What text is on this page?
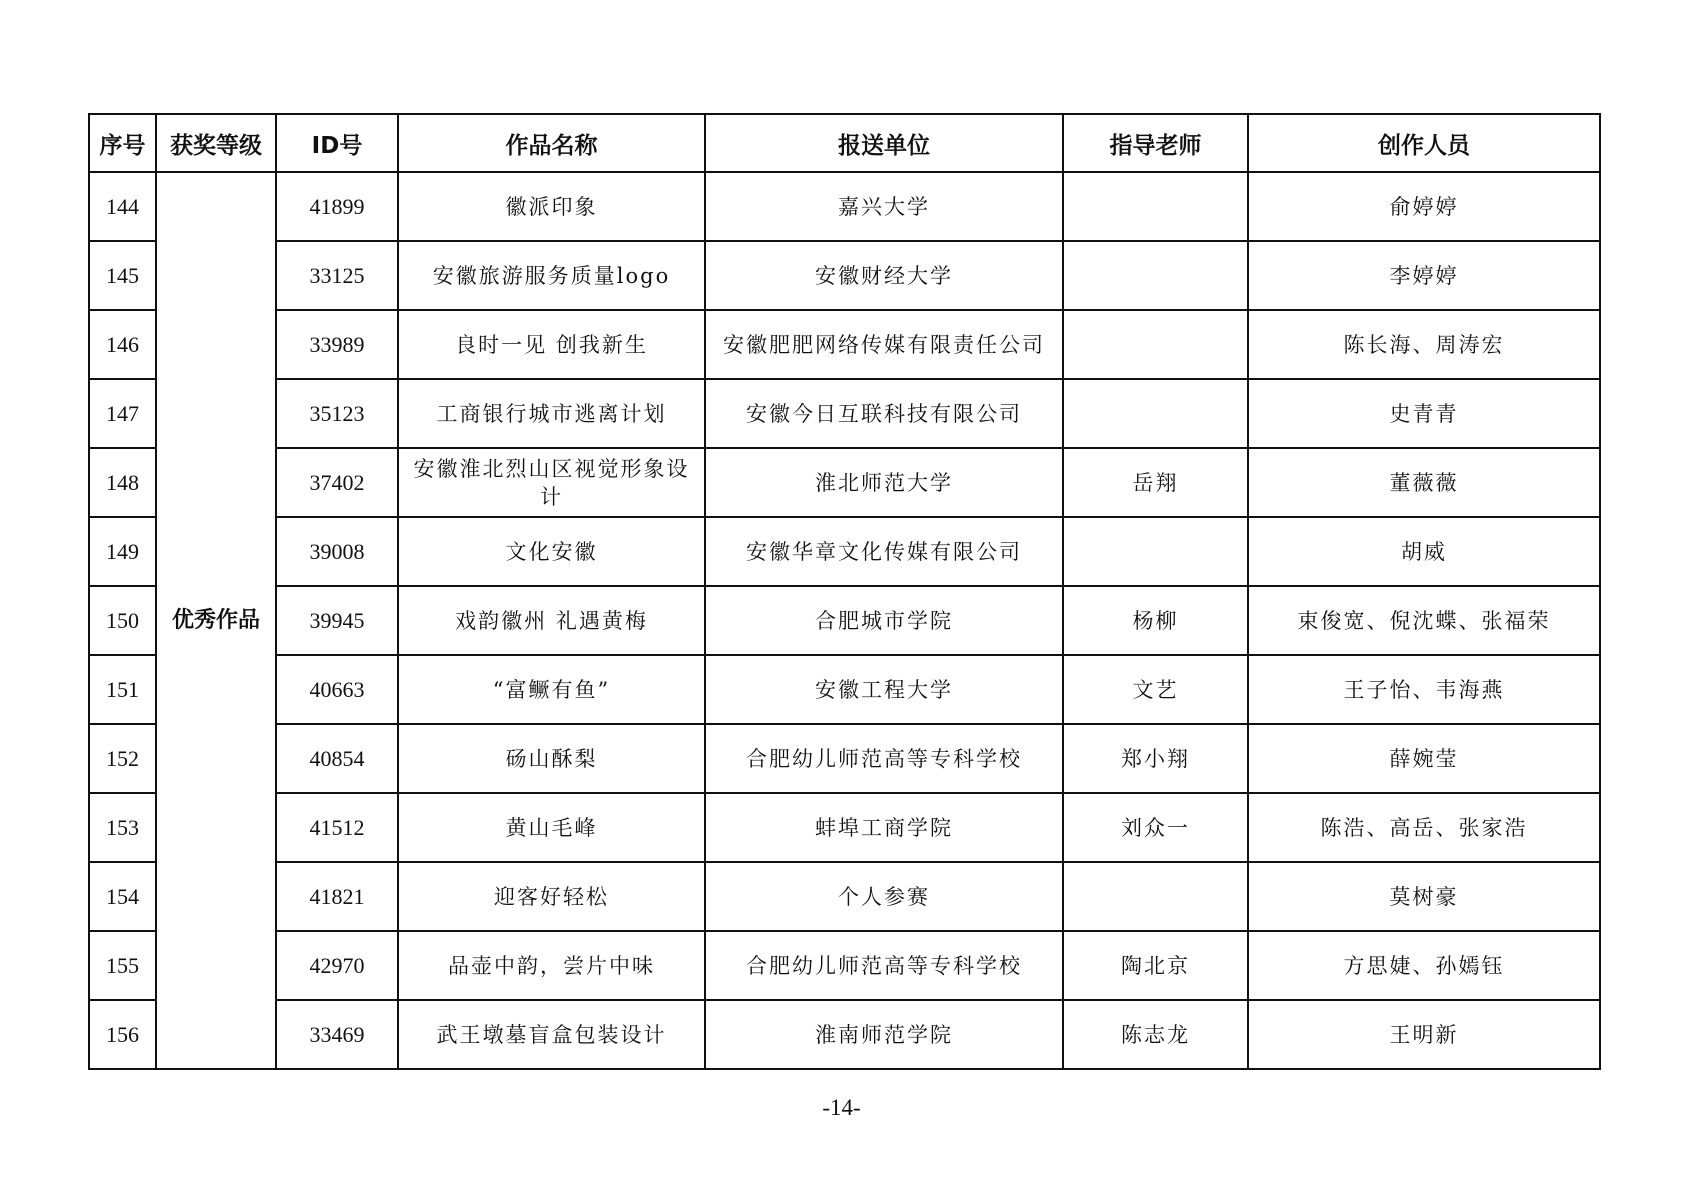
序号	获奖等级	ID号	作品名称	报送单位	指导老师	创作人员
144	优秀作品	41899	徽派印象	嘉兴大学		俞婷婷
145		33125	安徽旅游服务质量logo	安徽财经大学		李婷婷
146		33989	良时一见 创我新生	安徽肥肥网络传媒有限责任公司		陈长海、周涛宏
147		35123	工商银行城市逃离计划	安徽今日互联科技有限公司		史青青
148		37402	安徽淮北烈山区视觉形象设计	淮北师范大学	岳翔	董薇薇
149		39008	文化安徽	安徽华章文化传媒有限公司		胡威
150		39945	戏韵徽州 礼遇黄梅	合肥城市学院	杨柳	束俊宽、倪沈蝶、张福荣
151		40663	“富鳜有鱼”	安徽工程大学	文艺	王子怡、韦海燕
152		40854	砀山酥梨	合肥幼儿师范高等专科学校	郑小翔	薛婉莹
153		41512	黄山毛峰	蚌埠工商学院	刘众一	陈浩、高岳、张家浩
154		41821	迎客好轻松	个人参赛		莫树豪
155		42970	品壶中韵，尝片中味	合肥幼儿师范高等专科学校	陶北京	方思婕、孙嫣钰
156		33469	武王墩墓盲盒包装设计	淮南师范学院	陈志龙	王明新
-14-
